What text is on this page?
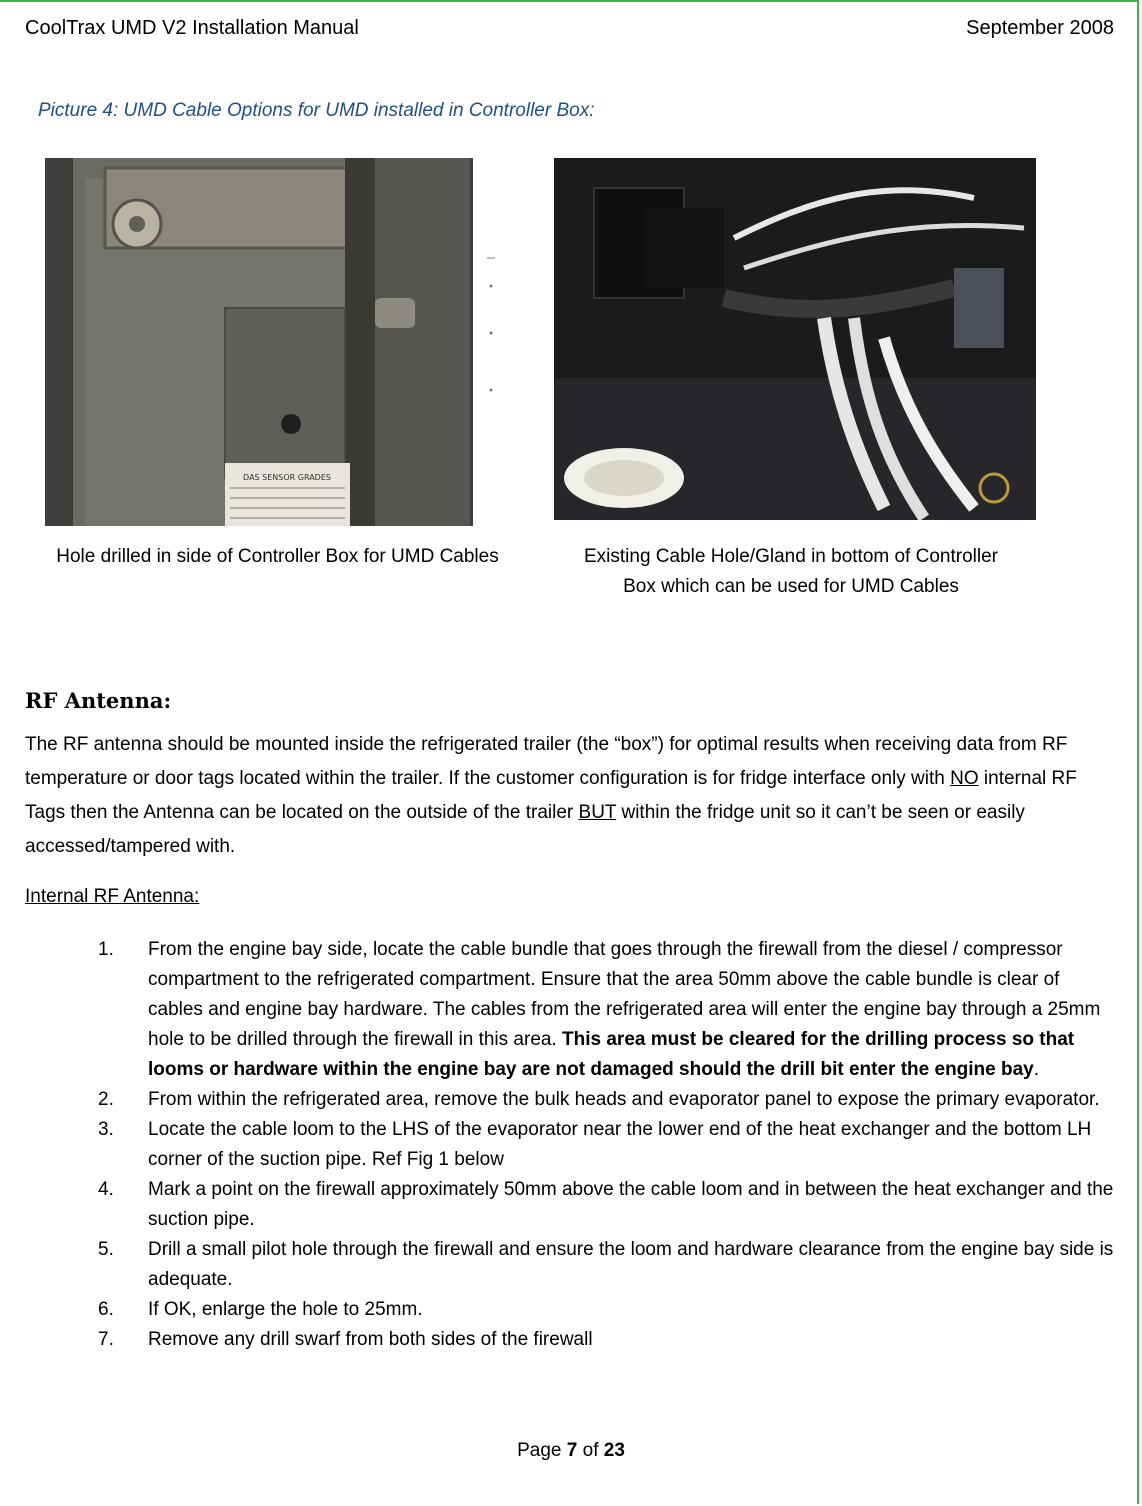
CoolTrax UMD V2 Installation Manual	September 2008
Picture 4: UMD Cable Options for UMD installed in Controller Box:
DAS SENSOR GRADES
Hole drilled in side of Controller Box for UMD Cables	Existing Cable Hole/Gland in bottom of Controller Box which can be used for UMD Cables
RF Antenna:
The RF antenna should be mounted inside the refrigerated trailer (the “box”) for optimal results when receiving data from RF temperature or door tags located within the trailer. If the customer configuration is for fridge interface only with NO internal RF Tags then the Antenna can be located on the outside of the trailer BUT within the fridge unit so it can’t be seen or easily accessed/tampered with.
Internal RF Antenna:
1. From the engine bay side, locate the cable bundle that goes through the firewall from the diesel / compressor compartment to the refrigerated compartment. Ensure that the area 50mm above the cable bundle is clear of cables and engine bay hardware. The cables from the refrigerated area will enter the engine bay through a 25mm hole to be drilled through the firewall in this area. This area must be cleared for the drilling process so that looms or hardware within the engine bay are not damaged should the drill bit enter the engine bay.
2. From within the refrigerated area, remove the bulk heads and evaporator panel to expose the primary evaporator.
3. Locate the cable loom to the LHS of the evaporator near the lower end of the heat exchanger and the bottom LH corner of the suction pipe. Ref Fig 1 below
4. Mark a point on the firewall approximately 50mm above the cable loom and in between the heat exchanger and the suction pipe.
5. Drill a small pilot hole through the firewall and ensure the loom and hardware clearance from the engine bay side is adequate.
6. If OK, enlarge the hole to 25mm.
7. Remove any drill swarf from both sides of the firewall
Page 7 of 23
